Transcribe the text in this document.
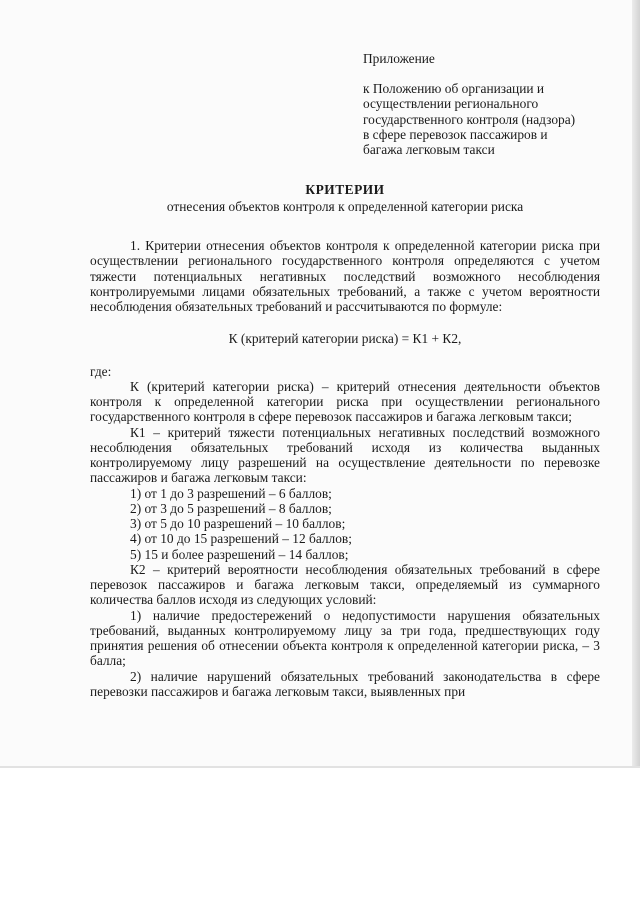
Приложение
к Положению об организации и
осуществлении регионального
государственного контроля (надзора)
в сфере перевозок пассажиров и
багажа легковым такси
КРИТЕРИИ
отнесения объектов контроля к определенной категории риска

1. Критерии отнесения объектов контроля к определенной категории риска при осуществлении регионального государственного контроля определяются с учетом тяжести потенциальных негативных последствий возможного несоблюдения контролируемыми лицами обязательных требований, а также с учетом вероятности несоблюдения обязательных требований и рассчитываются по формуле:

К (критерий категории риска) = К1 + К2,

где:

К (критерий категории риска) – критерий отнесения деятельности объектов контроля к определенной категории риска при осуществлении регионального государственного контроля в сфере перевозок пассажиров и багажа легковым такси;

К1 – критерий тяжести потенциальных негативных последствий возможного несоблюдения обязательных требований исходя из количества выданных контролируемому лицу разрешений на осуществление деятельности по перевозке пассажиров и багажа легковым такси:

1) от 1 до 3 разрешений – 6 баллов;

2) от 3 до 5 разрешений – 8 баллов;

3) от 5 до 10 разрешений – 10 баллов;

4) от 10 до 15 разрешений – 12 баллов;

5) 15 и более разрешений – 14 баллов;

К2 – критерий вероятности несоблюдения обязательных требований в сфере перевозок пассажиров и багажа легковым такси, определяемый из суммарного количества баллов исходя из следующих условий:

1) наличие предостережений о недопустимости нарушения обязательных требований, выданных контролируемому лицу за три года, предшествующих году принятия решения об отнесении объекта контроля к определенной категории риска, – 3 балла;

2) наличие нарушений обязательных требований законодательства в сфере перевозки пассажиров и багажа легковым такси, выявленных при
